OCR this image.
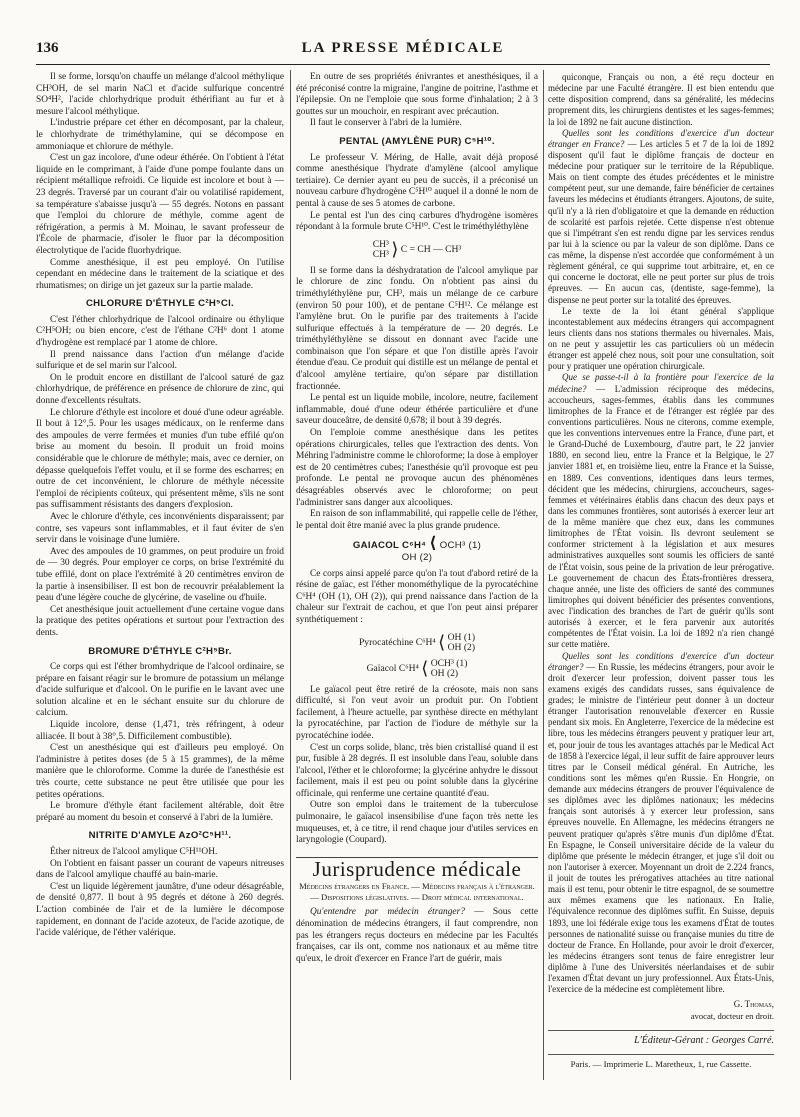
136	LA PRESSE MÉDICALE

Il se forme, lorsqu'on chauffe un mélange d'alcool méthylique CH³OH, de sel marin NaCl et d'acide sulfurique concentré SO⁴H², l'acide chlorhydrique produit éthérifiant au fur et à mesure l'alcool méthylique.

L'industrie prépare cet éther en décomposant, par la chaleur, le chlorhydrate de triméthylamine, qui se décompose en ammoniaque et chlorure de méthyle.

C'est un gaz incolore, d'une odeur éthérée. On l'obtient à l'état liquide en le comprimant, à l'aide d'une pompe foulante dans un récipient métallique refroidi. Ce liquide est incolore et bout à — 23 degrés. Traversé par un courant d'air ou volatilisé rapidement, sa température s'abaisse jusqu'à — 55 degrés. Notons en passant que l'emploi du chlorure de méthyle, comme agent de réfrigération, a permis à M. Moinau, le savant professeur de l'École de pharmacie, d'isoler le fluor par la décomposition électrolytique de l'acide fluorhydrique.

Comme anesthésique, il est peu employé. On l'utilise cependant en médecine dans le traitement de la sciatique et des rhumatismes; on dirige un jet gazeux sur la partie malade.

CHLORURE D'ÉTHYLE C²H⁵Cl.

C'est l'éther chlorhydrique de l'alcool ordinaire ou éthylique C²H⁵OH; ou bien encore, c'est de l'éthane C²H⁶ dont 1 atome d'hydrogène est remplacé par 1 atome de chlore.

Il prend naissance dans l'action d'un mélange d'acide sulfurique et de sel marin sur l'alcool.

On le produit encore en distillant de l'alcool saturé de gaz chlorhydrique, de préférence en présence de chlorure de zinc, qui donne d'excellents résultats.

Le chlorure d'éthyle est incolore et doué d'une odeur agréable. Il bout à 12°,5. Pour les usages médicaux, on le renferme dans des ampoules de verre fermées et munies d'un tube effilé qu'on brise au moment du besoin. Il produit un froid moins considérable que le chlorure de méthyle; mais, avec ce dernier, on dépasse quelquefois l'effet voulu, et il se forme des escharres; en outre de cet inconvénient, le chlorure de méthyle nécessite l'emploi de récipients coûteux, qui présentent même, s'ils ne sont pas suffisamment résistants des dangers d'explosion.

Avec le chlorure d'éthyle, ces inconvénients disparaissent; par contre, ses vapeurs sont inflammables, et il faut éviter de s'en servir dans le voisinage d'une lumière.

Avec des ampoules de 10 grammes, on peut produire un froid de — 30 degrés. Pour employer ce corps, on brise l'extrémité du tube effilé, dont on place l'extrémité à 20 centimètres environ de la partie à insensibiliser. Il est bon de recouvrir préalablement la peau d'une légère couche de glycérine, de vaseline ou d'huile.

Cet anesthésique jouit actuellement d'une certaine vogue dans la pratique des petites opérations et surtout pour l'extraction des dents.

BROMURE D'ÉTHYLE C²H⁵Br.

Ce corps qui est l'éther bromhydrique de l'alcool ordinaire, se prépare en faisant réagir sur le bromure de potassium un mélange d'acide sulfurique et d'alcool. On le purifie en le lavant avec une solution alcaline et en le séchant ensuite sur du chlorure de calcium.

Liquide incolore, dense (1,471, très réfringent, à odeur alliacée. Il bout à 38°,5. Difficilement combustible).

C'est un anesthésique qui est d'ailleurs peu employé. On l'administre à petites doses (de 5 à 15 grammes), de la même manière que le chloroforme. Comme la durée de l'anesthésie est très courte, cette substance ne peut être utilisée que pour les petites opérations.

Le bromure d'éthyle étant facilement altérable, doit être préparé au moment du besoin et conservé à l'abri de la lumière.

NITRITE D'AMYLE AzO²C⁵H¹¹.

Éther nitreux de l'alcool amylique C⁵H¹¹OH.

On l'obtient en faisant passer un courant de vapeurs nitreuses dans de l'alcool amylique chauffé au bain-marie.

C'est un liquide légèrement jaunâtre, d'une odeur désagréable, de densité 0,877. Il bout à 95 degrés et détone à 260 degrés. L'action combinée de l'air et de la lumière le décompose rapidement, en donnant de l'acide azoteux, de l'acide azotique, de l'acide valérique, de l'éther valérique.

En outre de ses propriétés énivrantes et anesthésiques, il a été préconisé contre la migraine, l'angine de poitrine, l'asthme et l'épilepsie. On ne l'emploie que sous forme d'inhalation; 2 à 3 gouttes sur un mouchoir, en respirant avec précaution.

Il faut le conserver à l'abri de la lumière.

PENTAL (AMYLÈNE PUR) C⁵H¹⁰.

Le professeur V. Méring, de Halle, avait déjà proposé comme anesthésique l'hydrate d'amylène (alcool amylique tertiaire). Ce dernier ayant eu peu de succès, il a préconisé un nouveau carbure d'hydrogène C⁵H¹⁰ auquel il a donné le nom de pental à cause de ses 5 atomes de carbone.

Le pental est l'un des cinq carbures d'hydrogène isomères répondant à la formule brute C⁵H¹⁰. C'est le triméthyléthylène

CH³
CH³ ⟩ C = CH — CH³

Il se forme dans la déshydratation de l'alcool amylique par le chlorure de zinc fondu. On n'obtient pas ainsi du triméthyléthylène pur, CH³, mais un mélange de ce carbure (environ 50 pour 100), et de pentane C⁵H¹². Ce mélange est l'amylène brut. On le purifie par des traitements à l'acide sulfurique effectués à la température de — 20 degrés. Le triméthyléthylène se dissout en donnant avec l'acide une combinaison que l'on sépare et que l'on distille après l'avoir étendue d'eau. Ce produit qui distille est un mélange de pental et d'alcool amylène tertiaire, qu'on sépare par distillation fractionnée.

Le pental est un liquide mobile, incolore, neutre, facilement inflammable, doué d'une odeur éthérée particulière et d'une saveur douceâtre, de densité 0,678; il bout à 39 degrés.

On l'emploie comme anesthésique dans les petites opérations chirurgicales, telles que l'extraction des dents. Von Méhring l'administre comme le chloroforme; la dose à employer est de 20 centimètres cubes; l'anesthésie qu'il provoque est peu profonde. Le pental ne provoque aucun des phénomènes désagréables observés avec le chloroforme; on peut l'administrer sans danger aux alcooliques.

En raison de son inflammabilité, qui rappelle celle de l'éther, le pental doit être manié avec la plus grande prudence.

GAIACOL C⁶H⁴ ⟨ OCH³ (1)
OH (2)

Ce corps ainsi appelé parce qu'on l'a tout d'abord retiré de la résine de gaïac, est l'éther monométhylique de la pyrocatéchine C⁶H⁴ (OH (1), OH (2)), qui prend naissance dans l'action de la chaleur sur l'extrait de cachou, et que l'on peut ainsi préparer synthétiquement :

Pyrocatéchine C⁶H⁴ ⟨ OH (1)
OH (2)
Gaïacol C⁶H⁴ ⟨ OCH³ (1)
OH (2)

Le gaïacol peut être retiré de la créosote, mais non sans difficulté, si l'on veut avoir un produit pur. On l'obtient facilement, à l'heure actuelle, par synthèse directe en méthylant la pyrocatéchine, par l'action de l'iodure de méthyle sur la pyrocatéchine iodée.

C'est un corps solide, blanc, très bien cristallisé quand il est pur, fusible à 28 degrés. Il est insoluble dans l'eau, soluble dans l'alcool, l'éther et le chloroforme; la glycérine anhydre le dissout facilement, mais il est peu ou point soluble dans la glycérine officinale, qui renferme une certaine quantité d'eau.

Outre son emploi dans le traitement de la tuberculose pulmonaire, le gaïacol insensibilise d'une façon très nette les muqueuses, et, à ce titre, il rend chaque jour d'utiles services en laryngologie (Coupard).

Jurisprudence médicale
Médecins étrangers en France. — Médecins français à l'étranger. — Dispositions législatives. — Droit médical international.

Qu'entendre par médecin étranger? — Sous cette dénomination de médecins étrangers, il faut comprendre, non pas les étrangers reçus docteurs en médecine par les Facultés françaises, car ils ont, comme nos nationaux et au même titre qu'eux, le droit d'exercer en France l'art de guérir, mais

quiconque, Français ou non, a été reçu docteur en médecine par une Faculté étrangère. Il est bien entendu que cette disposition comprend, dans sa généralité, les médecins proprement dits, les chirurgiens dentistes et les sages-femmes; la loi de 1892 ne fait aucune distinction.

Quelles sont les conditions d'exercice d'un docteur étranger en France? — Les articles 5 et 7 de la loi de 1892 disposent qu'il faut le diplôme français de docteur en médecine pour pratiquer sur le territoire de la République. Mais on tient compte des études précédentes et le ministre compétent peut, sur une demande, faire bénéficier de certaines faveurs les médecins et étudiants étrangers. Ajoutons, de suite, qu'il n'y a là rien d'obligatoire et que la demande en réduction de scolarité est parfois rejetée. Cette dispense n'est obtenue que si l'impétrant s'en est rendu digne par les services rendus par lui à la science ou par la valeur de son diplôme. Dans ce cas même, la dispense n'est accordée que conformément à un règlement général, ce qui supprime tout arbitraire, et, en ce qui concerne le doctorat, elle ne peut porter sur plus de trois épreuves. — En aucun cas, (dentiste, sage-femme), la dispense ne peut porter sur la totalité des épreuves.

Le texte de la loi étant général s'applique incontestablement aux médecins étrangers qui accompagnent leurs clients dans nos stations thermales ou hivernales. Mais, on ne peut y assujettir les cas particuliers où un médecin étranger est appelé chez nous, soit pour une consultation, soit pour y pratiquer une opération chirurgicale.

Que se passe-t-il à la frontière pour l'exercice de la médecine? — L'admission réciproque des médecins, accoucheurs, sages-femmes, établis dans les communes limitrophes de la France et de l'étranger est réglée par des conventions particulières. Nous ne citerons, comme exemple, que les conventions intervenues entre la France, d'une part, et le Grand-Duché de Luxembourg, d'autre part, le 22 janvier 1880, en second lieu, entre la France et la Belgique, le 27 janvier 1881 et, en troisième lieu, entre la France et la Suisse, en 1889. Ces conventions, identiques dans leurs termes, décident que les médecins, chirurgiens, accoucheurs, sages-femmes et vétérinaires établis dans chacun des deux pays et dans les communes frontières, sont autorisés à exercer leur art de la même manière que chez eux, dans les communes limitrophes de l'État voisin. Ils devront seulement se conformer strictement à la législation et aux mesures administratives auxquelles sont soumis les officiers de santé de l'État voisin, sous peine de la privation de leur prérogative. Le gouvernement de chacun des États-frontières dressera, chaque année, une liste des officiers de santé des communes limitrophes qui doivent bénéficier des présentes conventions, avec l'indication des branches de l'art de guérir qu'ils sont autorisés à exercer, et le fera parvenir aux autorités compétentes de l'État voisin. La loi de 1892 n'a rien changé sur cette matière.

Quelles sont les conditions d'exercice d'un docteur étranger? — En Russie, les médecins étrangers, pour avoir le droit d'exercer leur profession, doivent passer tous les examens exigés des candidats russes, sans équivalence de grades; le ministre de l'intérieur peut donner à un docteur étranger l'autorisation renouvelable d'exercer en Russie pendant six mois. En Angleterre, l'exercice de la médecine est libre, tous les médecins étrangers peuvent y pratiquer leur art, et, pour jouir de tous les avantages attachés par le Medical Act de 1858 à l'exercice légal, il leur suffit de faire approuver leurs titres par le Conseil médical général. En Autriche, les conditions sont les mêmes qu'en Russie. En Hongrie, on demande aux médecins étrangers de prouver l'équivalence de ses diplômes avec les diplômes nationaux; les médecins français sont autorisés à y exercer leur profession, sans épreuves nouvelle. En Allemagne, les médecins étrangers ne peuvent pratiquer qu'après s'être munis d'un diplôme d'État. En Espagne, le Conseil universitaire décide de la valeur du diplôme que présente le médecin étranger, et juge s'il doit ou non l'autoriser à exercer. Moyennant un droit de 2.224 francs, il jouit de toutes les prérogatives attachées au titre national mais il est tenu, pour obtenir le titre espagnol, de se soumettre aux mêmes examens que les nationaux. En Italie, l'équivalence reconnue des diplômes suffit. En Suisse, depuis 1893, une loi fédérale exige tous les examens d'État de toutes personnes de nationalité suisse ou française munies du titre de docteur de France. En Hollande, pour avoir le droit d'exercer, les médecins étrangers sont tenus de faire enregistrer leur diplôme à l'une des Universités néerlandaises et de subir l'examen d'État devant un jury professionnel. Aux États-Unis, l'exercice de la médecine est complètement libre.

G. Thomas,
avocat, docteur en droit.
L'Éditeur-Gérant : Georges Carré.
Paris. — Imprimerie L. Maretheux, 1, rue Cassette.
